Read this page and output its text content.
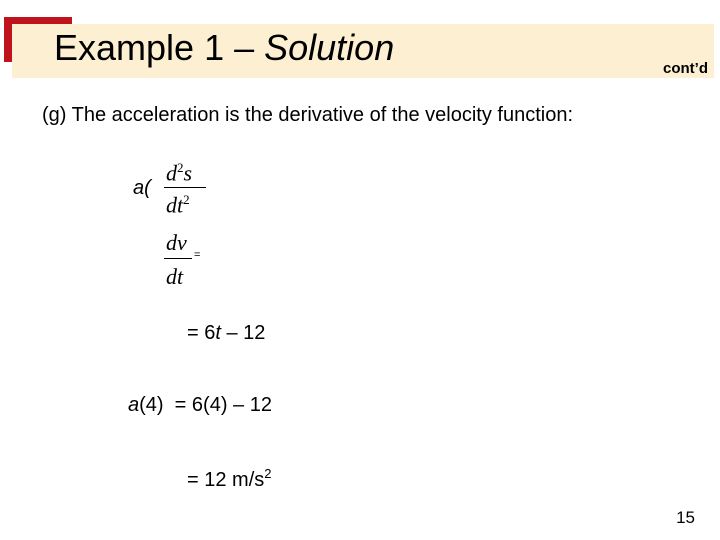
Example 1 – Solution
cont’d
(g) The acceleration is the derivative of the velocity function:
a(
$d^2s$
$dt^2$
dv
dt
=
= 6t – 12
a(4)  = 6(4) – 12
= 12 $m/s^2$
15
